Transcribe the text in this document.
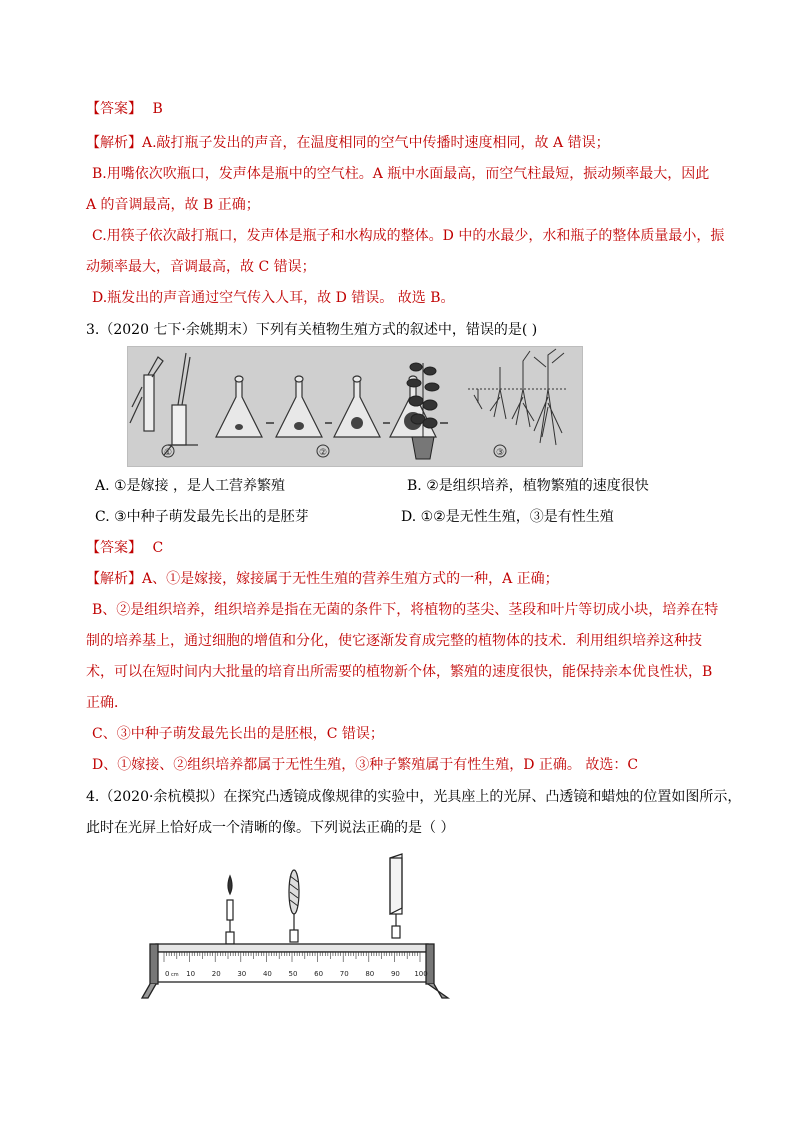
【答案】 B
【解析】A.敲打瓶子发出的声音，在温度相同的空气中传播时速度相同，故 A 错误；
B.用嘴依次吹瓶口，发声体是瓶中的空气柱。A 瓶中水面最高，而空气柱最短，振动频率最大，因此
A 的音调最高，故 B 正确；
C.用筷子依次敲打瓶口，发声体是瓶子和水构成的整体。D 中的水最少，水和瓶子的整体质量最小，振
动频率最大，音调最高，故 C 错误；
D.瓶发出的声音通过空气传入人耳，故 D 错误。 故选 B。
3.（2020 七下·余姚期末）下列有关植物生殖方式的叙述中，错误的是( )
①	②	③
A. ①是嫁接 ，是人工营养繁殖	B. ②是组织培养，植物繁殖的速度很快
C. ③中种子萌发最先长出的是胚芽	D. ①②是无性生殖，③是有性生殖
【答案】 C
【解析】A、①是嫁接，嫁接属于无性生殖的营养生殖方式的一种，A 正确；
B、②是组织培养，组织培养是指在无菌的条件下，将植物的茎尖、茎段和叶片等切成小块，培养在特
制的培养基上，通过细胞的增值和分化，使它逐渐发育成完整的植物体的技术．利用组织培养这种技
术，可以在短时间内大批量的培育出所需要的植物新个体，繁殖的速度很快，能保持亲本优良性状，B
正确．
C、③中种子萌发最先长出的是胚根，C 错误；
D、①嫁接、②组织培养都属于无性生殖，③种子繁殖属于有性生殖，D 正确。 故选：C
4.（2020·余杭模拟）在探究凸透镜成像规律的实验中，光具座上的光屏、凸透镜和蜡烛的位置如图所示，
此时在光屏上恰好成一个清晰的像。下列说法正确的是（ ）
0 10 20 30 40 50 60 70 80 90 100
cm
